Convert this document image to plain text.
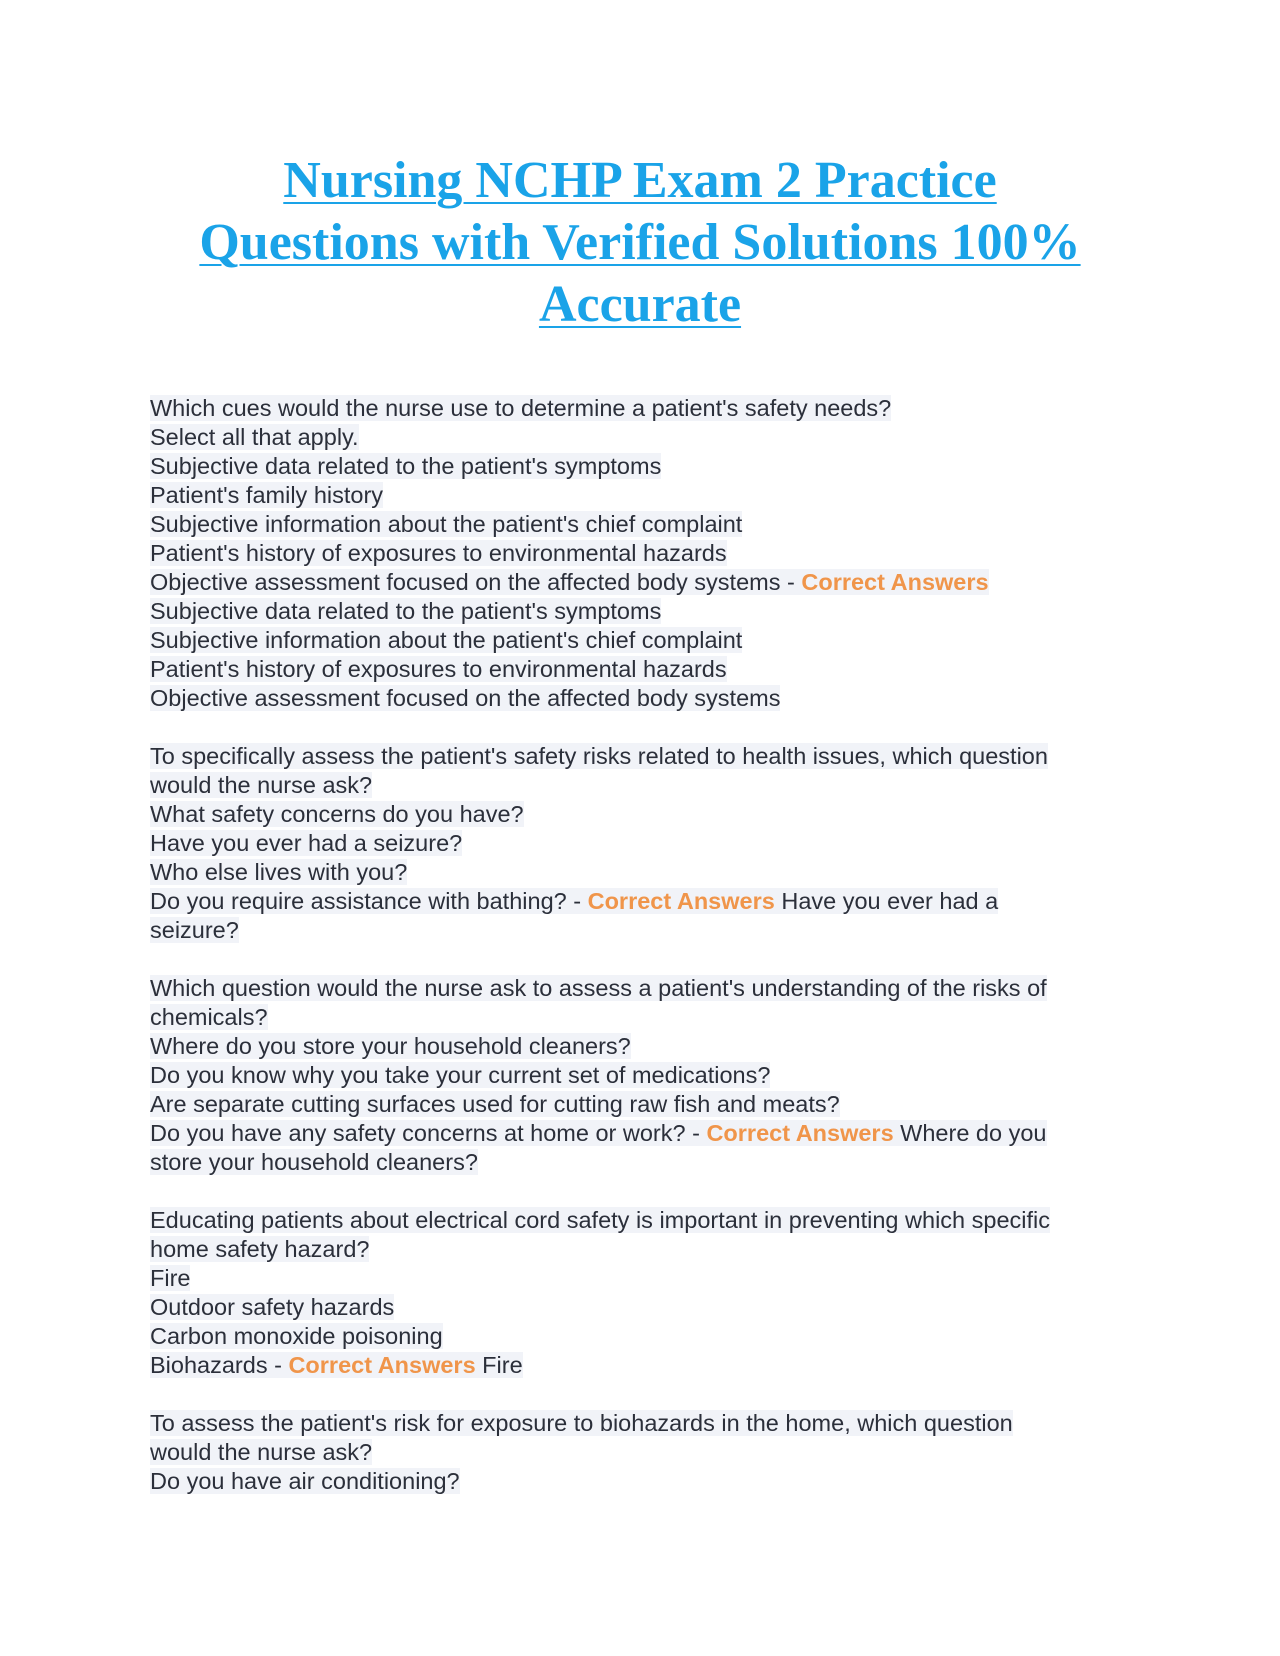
Nursing NCHP Exam 2 Practice
Questions with Verified Solutions 100%
Accurate
Which cues would the nurse use to determine a patient's safety needs?
Select all that apply.
Subjective data related to the patient's symptoms
Patient's family history
Subjective information about the patient's chief complaint
Patient's history of exposures to environmental hazards
Objective assessment focused on the affected body systems - Correct Answers
Subjective data related to the patient's symptoms
Subjective information about the patient's chief complaint
Patient's history of exposures to environmental hazards
Objective assessment focused on the affected body systems
To specifically assess the patient's safety risks related to health issues, which question
would the nurse ask?
What safety concerns do you have?
Have you ever had a seizure?
Who else lives with you?
Do you require assistance with bathing? - Correct Answers Have you ever had a
seizure?
Which question would the nurse ask to assess a patient's understanding of the risks of
chemicals?
Where do you store your household cleaners?
Do you know why you take your current set of medications?
Are separate cutting surfaces used for cutting raw fish and meats?
Do you have any safety concerns at home or work? - Correct Answers Where do you
store your household cleaners?
Educating patients about electrical cord safety is important in preventing which specific
home safety hazard?
Fire
Outdoor safety hazards
Carbon monoxide poisoning
Biohazards - Correct Answers Fire
To assess the patient's risk for exposure to biohazards in the home, which question
would the nurse ask?
Do you have air conditioning?
